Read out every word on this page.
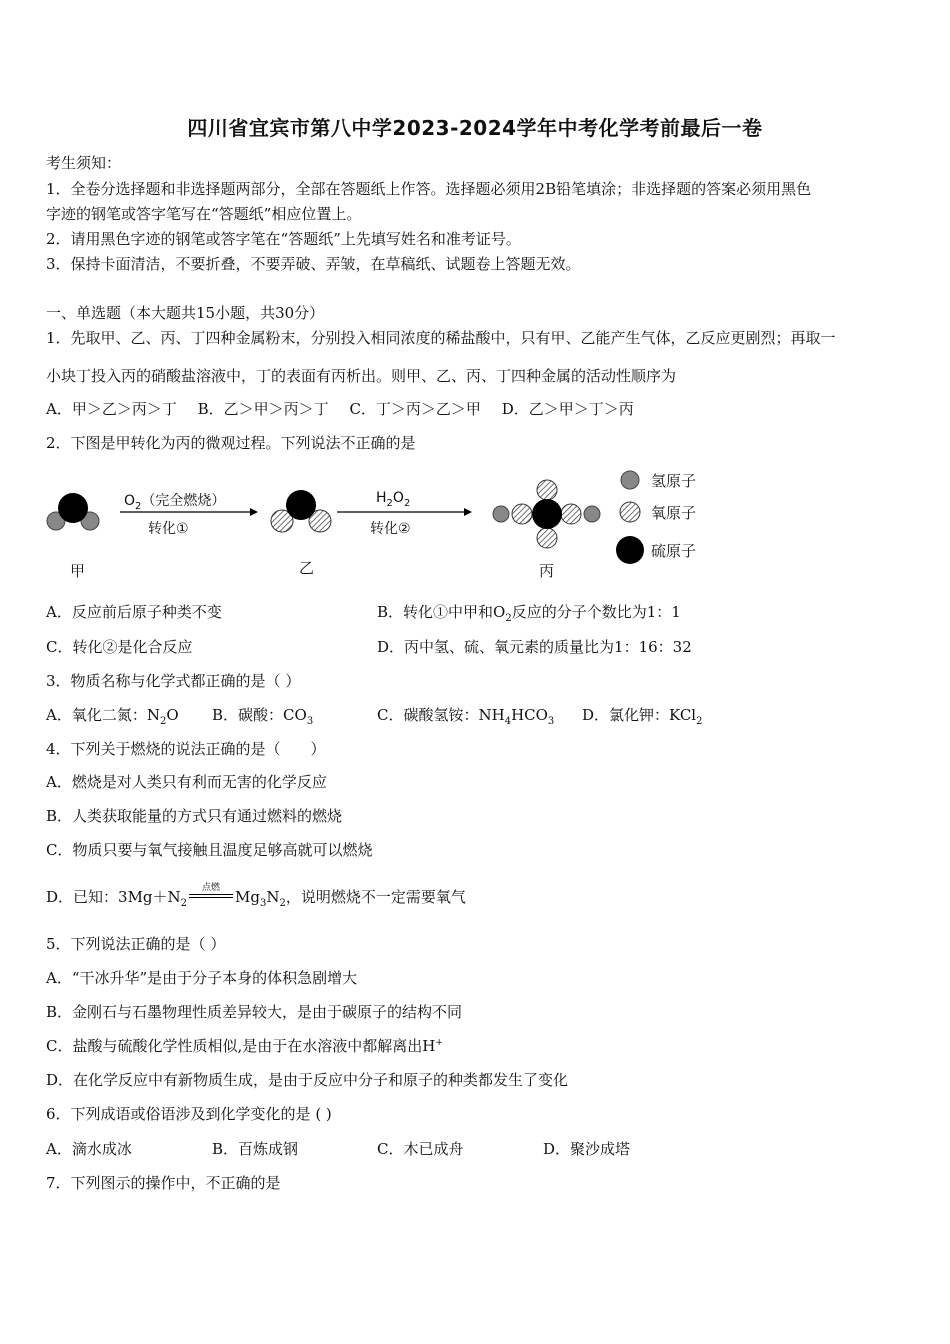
四川省宜宾市第八中学2023-2024学年中考化学考前最后一卷
考生须知：
1．全卷分选择题和非选择题两部分，全部在答题纸上作答。选择题必须用2B铅笔填涂；非选择题的答案必须用黑色
字迹的钢笔或答字笔写在“答题纸”相应位置上。
2．请用黑色字迹的钢笔或答字笔在“答题纸”上先填写姓名和准考证号。
3．保持卡面清洁，不要折叠，不要弄破、弄皱，在草稿纸、试题卷上答题无效。
一、单选题（本大题共15小题，共30分）
1．先取甲、乙、丙、丁四种金属粉末，分别投入相同浓度的稀盐酸中，只有甲、乙能产生气体，乙反应更剧烈；再取一
小块丁投入丙的硝酸盐溶液中，丁的表面有丙析出。则甲、乙、丙、丁四种金属的活动性顺序为
A．甲＞乙＞丙＞丁 B．乙＞甲＞丙＞丁 C．丁＞丙＞乙＞甲 D．乙＞甲＞丁＞丙
2．下图是甲转化为丙的微观过程。下列说法不正确的是
$O_2$（完全燃烧）
转化①
$H_2O_2$
转化②
甲	乙	丙
氢原子
氧原子
硫原子
A．反应前后原子种类不变	B．转化①中甲和$O_2$反应的分子个数比为1：1
C．转化②是化合反应	D．丙中氢、硫、氧元素的质量比为1：16：32
3．物质名称与化学式都正确的是（ ）
A．氧化二氮：$N_2O$ B．碳酸：$CO_3$	C．碳酸氢铵：$NH_4HCO_3$ D．氯化钾：KCl$_2$
4．下列关于燃烧的说法正确的是（　　）
A．燃烧是对人类只有利而无害的化学反应
B．人类获取能量的方式只有通过燃料的燃烧
C．物质只要与氧气接触且温度足够高就可以燃烧
D．已知：$3Mg+N_2$
点燃	$Mg_3N_2$，说明燃烧不一定需要氧气
5．下列说法正确的是（ ）
A．“干冰升华”是由于分子本身的体积急剧增大
B．金刚石与石墨物理性质差异较大，是由于碳原子的结构不同
C．盐酸与硫酸化学性质相似,是由于在水溶液中都解离出H+
D．在化学反应中有新物质生成，是由于反应中分子和原子的种类都发生了变化
6．下列成语或俗语涉及到化学变化的是 ( )
A．滴水成冰	B．百炼成钢	C．木已成舟	D．聚沙成塔
7．下列图示的操作中，不正确的是
